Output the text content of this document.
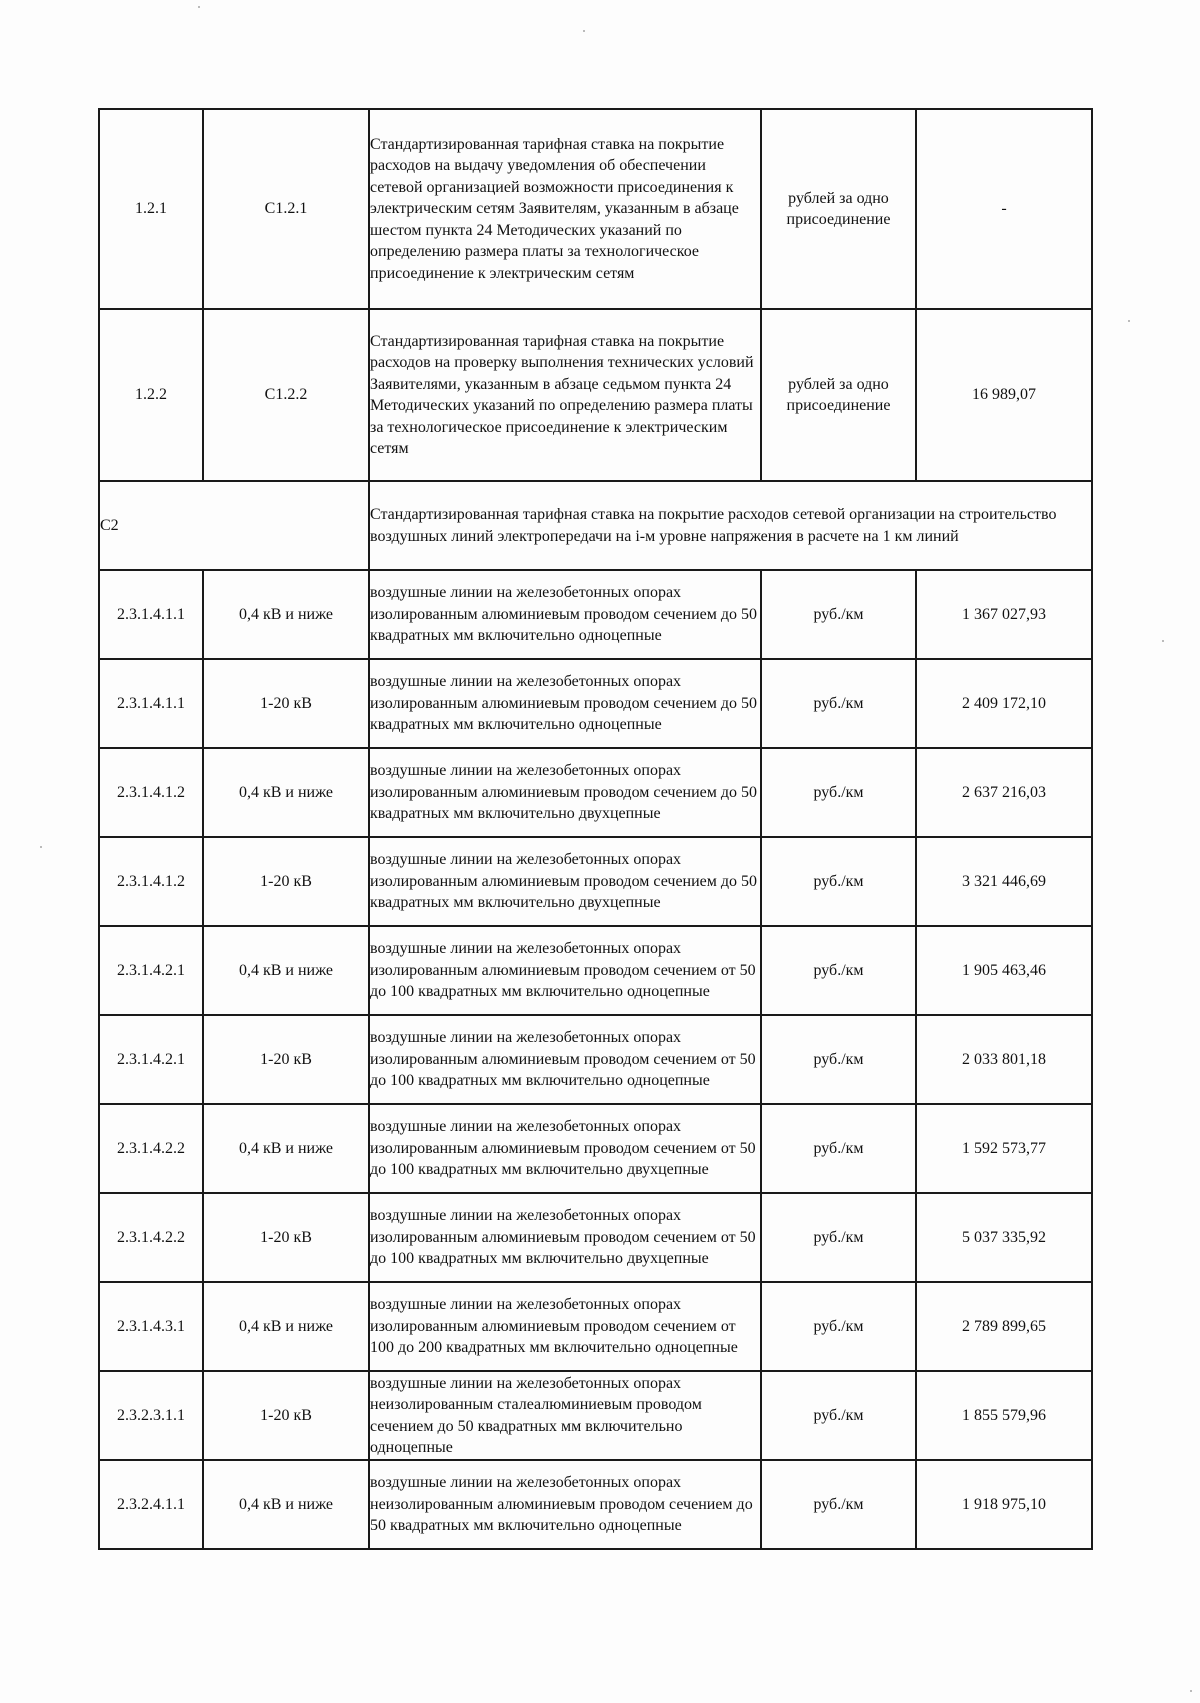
1.2.1	С1.2.1	Стандартизированная тарифная ставка на покрытие расходов на выдачу уведомления об обеспечении сетевой организацией возможности присоединения к электрическим сетям Заявителям, указанным в абзаце шестом пункта 24 Методических указаний по определению размера платы за технологическое присоединение к электрическим сетям	рублей за одно присоединение	-
1.2.2	С1.2.2	Стандартизированная тарифная ставка на покрытие расходов на проверку выполнения технических условий Заявителями, указанным в абзаце седьмом пункта 24 Методических указаний по определению размера платы за технологическое присоединение к электрическим сетям	рублей за одно присоединение	16 989,07
С2		Стандартизированная тарифная ставка на покрытие расходов сетевой организации на строительство воздушных линий электропередачи на i-м уровне напряжения в расчете на 1 км линий		
2.3.1.4.1.1	0,4 кВ и ниже	воздушные линии на железобетонных опорах изолированным алюминиевым проводом сечением до 50 квадратных мм включительно одноцепные	руб./км	1 367 027,93
2.3.1.4.1.1	1-20 кВ	воздушные линии на железобетонных опорах изолированным алюминиевым проводом сечением до 50 квадратных мм включительно одноцепные	руб./км	2 409 172,10
2.3.1.4.1.2	0,4 кВ и ниже	воздушные линии на железобетонных опорах изолированным алюминиевым проводом сечением до 50 квадратных мм включительно двухцепные	руб./км	2 637 216,03
2.3.1.4.1.2	1-20 кВ	воздушные линии на железобетонных опорах изолированным алюминиевым проводом сечением до 50 квадратных мм включительно двухцепные	руб./км	3 321 446,69
2.3.1.4.2.1	0,4 кВ и ниже	воздушные линии на железобетонных опорах изолированным алюминиевым проводом сечением от 50 до 100 квадратных мм включительно одноцепные	руб./км	1 905 463,46
2.3.1.4.2.1	1-20 кВ	воздушные линии на железобетонных опорах изолированным алюминиевым проводом сечением от 50 до 100 квадратных мм включительно одноцепные	руб./км	2 033 801,18
2.3.1.4.2.2	0,4 кВ и ниже	воздушные линии на железобетонных опорах изолированным алюминиевым проводом сечением от 50 до 100 квадратных мм включительно двухцепные	руб./км	1 592 573,77
2.3.1.4.2.2	1-20 кВ	воздушные линии на железобетонных опорах изолированным алюминиевым проводом сечением от 50 до 100 квадратных мм включительно двухцепные	руб./км	5 037 335,92
2.3.1.4.3.1	0,4 кВ и ниже	воздушные линии на железобетонных опорах изолированным алюминиевым проводом сечением от 100 до 200 квадратных мм включительно одноцепные	руб./км	2 789 899,65
2.3.2.3.1.1	1-20 кВ	воздушные линии на железобетонных опорах неизолированным сталеалюминиевым проводом сечением до 50 квадратных мм включительно одноцепные	руб./км	1 855 579,96
2.3.2.4.1.1	0,4 кВ и ниже	воздушные линии на железобетонных опорах неизолированным алюминиевым проводом сечением до 50 квадратных мм включительно одноцепные	руб./км	1 918 975,10
